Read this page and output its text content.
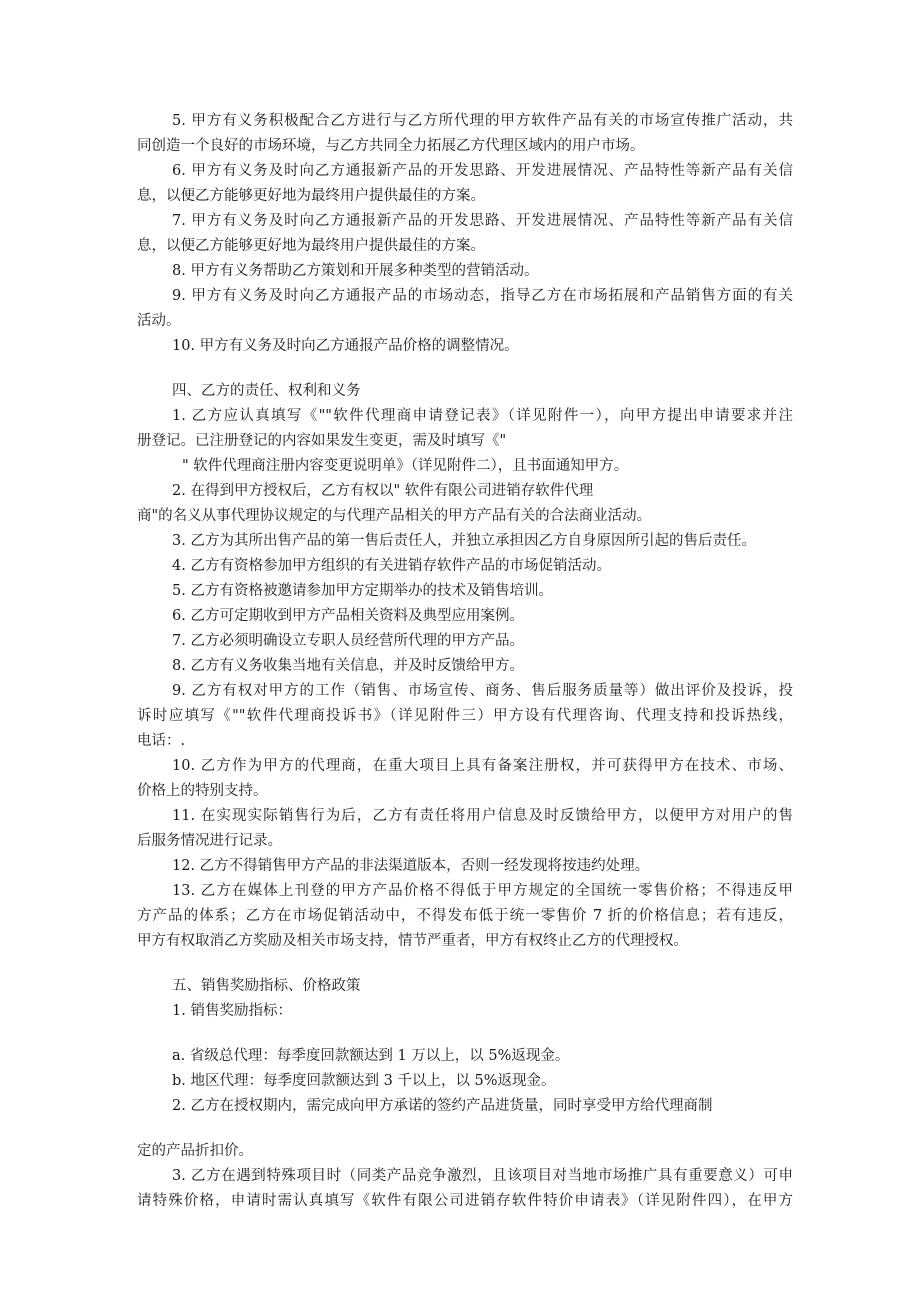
5. 甲方有义务积极配合乙方进行与乙方所代理的甲方软件产品有关的市场宣传推广活动，共
同创造一个良好的市场环境，与乙方共同全力拓展乙方代理区域内的用户市场。
6. 甲方有义务及时向乙方通报新产品的开发思路、开发进展情况、产品特性等新产品有关信
息，以便乙方能够更好地为最终用户提供最佳的方案。
7. 甲方有义务及时向乙方通报新产品的开发思路、开发进展情况、产品特性等新产品有关信
息，以便乙方能够更好地为最终用户提供最佳的方案。
8. 甲方有义务帮助乙方策划和开展多种类型的营销活动。
9. 甲方有义务及时向乙方通报产品的市场动态，指导乙方在市场拓展和产品销售方面的有关
活动。
10. 甲方有义务及时向乙方通报产品价格的调整情况。
四、乙方的责任、权利和义务
1. 乙方应认真填写《""软件代理商申请登记表》（详见附件一），向甲方提出申请要求并注
册登记。已注册登记的内容如果发生变更，需及时填写《"
" 软件代理商注册内容变更说明单》（详见附件二），且书面通知甲方。
2. 在得到甲方授权后，乙方有权以" 软件有限公司进销存软件代理
商"的名义从事代理协议规定的与代理产品相关的甲方产品有关的合法商业活动。
3. 乙方为其所出售产品的第一售后责任人，并独立承担因乙方自身原因所引起的售后责任。
4. 乙方有资格参加甲方组织的有关进销存软件产品的市场促销活动。
5. 乙方有资格被邀请参加甲方定期举办的技术及销售培训。
6. 乙方可定期收到甲方产品相关资料及典型应用案例。
7. 乙方必须明确设立专职人员经营所代理的甲方产品。
8. 乙方有义务收集当地有关信息，并及时反馈给甲方。
9. 乙方有权对甲方的工作（销售、市场宣传、商务、售后服务质量等）做出评价及投诉，投
诉时应填写《""软件代理商投诉书》（详见附件三）甲方设有代理咨询、代理支持和投诉热线，
电话：.
10. 乙方作为甲方的代理商，在重大项目上具有备案注册权，并可获得甲方在技术、市场、
价格上的特别支持。
11. 在实现实际销售行为后，乙方有责任将用户信息及时反馈给甲方，以便甲方对用户的售
后服务情况进行记录。
12. 乙方不得销售甲方产品的非法渠道版本，否则一经发现将按违约处理。
13. 乙方在媒体上刊登的甲方产品价格不得低于甲方规定的全国统一零售价格；不得违反甲
方产品的体系；乙方在市场促销活动中，不得发布低于统一零售价 7 折的价格信息；若有违反，
甲方有权取消乙方奖励及相关市场支持，情节严重者，甲方有权终止乙方的代理授权。
五、销售奖励指标、价格政策
1. 销售奖励指标：
a. 省级总代理：每季度回款额达到 1 万以上，以 5%返现金。
b. 地区代理：每季度回款额达到 3 千以上，以 5%返现金。
2. 乙方在授权期内，需完成向甲方承诺的签约产品进货量，同时享受甲方给代理商制
定的产品折扣价。
3. 乙方在遇到特殊项目时（同类产品竞争激烈，且该项目对当地市场推广具有重要意义）可申
请特殊价格，申请时需认真填写《软件有限公司进销存软件特价申请表》（详见附件四），在甲方
